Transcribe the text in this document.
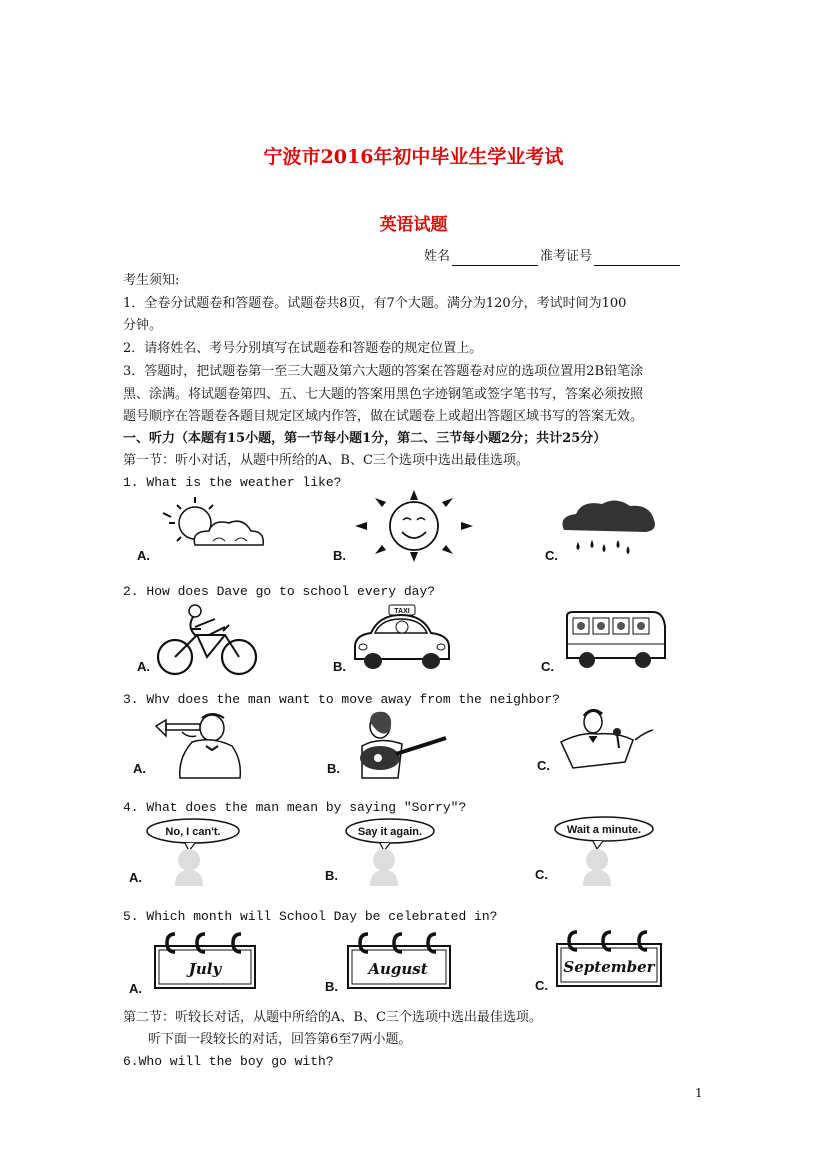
宁波市2016年初中毕业生学业考试
英语试题
姓名	准考证号
考生须知:
1．全卷分试题卷和答题卷。试题卷共8页，有7个大题。满分为120分，考试时间为100
分钟。
2．请将姓名、考号分别填写在试题卷和答题卷的规定位置上。
3．答题时，把试题卷第一至三大题及第六大题的答案在答题卷对应的选项位置用2B铅笔涂
黑、涂满。将试题卷第四、五、七大题的答案用黑色字迹钢笔或签字笔书写，答案必须按照
题号顺序在答题卷各题目规定区域内作答，做在试题卷上或超出答题区域书写的答案无效。
一、听力（本题有15小题，第一节每小题1分，第二、三节每小题2分；共计25分）
第一节：听小对话，从题中所给的A、B、C三个选项中选出最佳选项。
1. What is the weather like?
A.	B.	C.
2. How does Dave go to school every day?
A.	B.	C.
TAXI
3. Whv does the man want to move away from the neighbor?
A.	B.	C.
4. What does the man mean by saying "Sorry"?
A.	B.	C.
No, I can't.	Say it again.	Wait a minute.
5. Which month will School Day be celebrated in?
A.	B.	C.
July	August	September
第二节：听较长对话，从题中所给的A、B、C三个选项中选出最佳选项。
听下面一段较长的对话，回答第6至7两小题。
6.Who will the boy go with?
1
